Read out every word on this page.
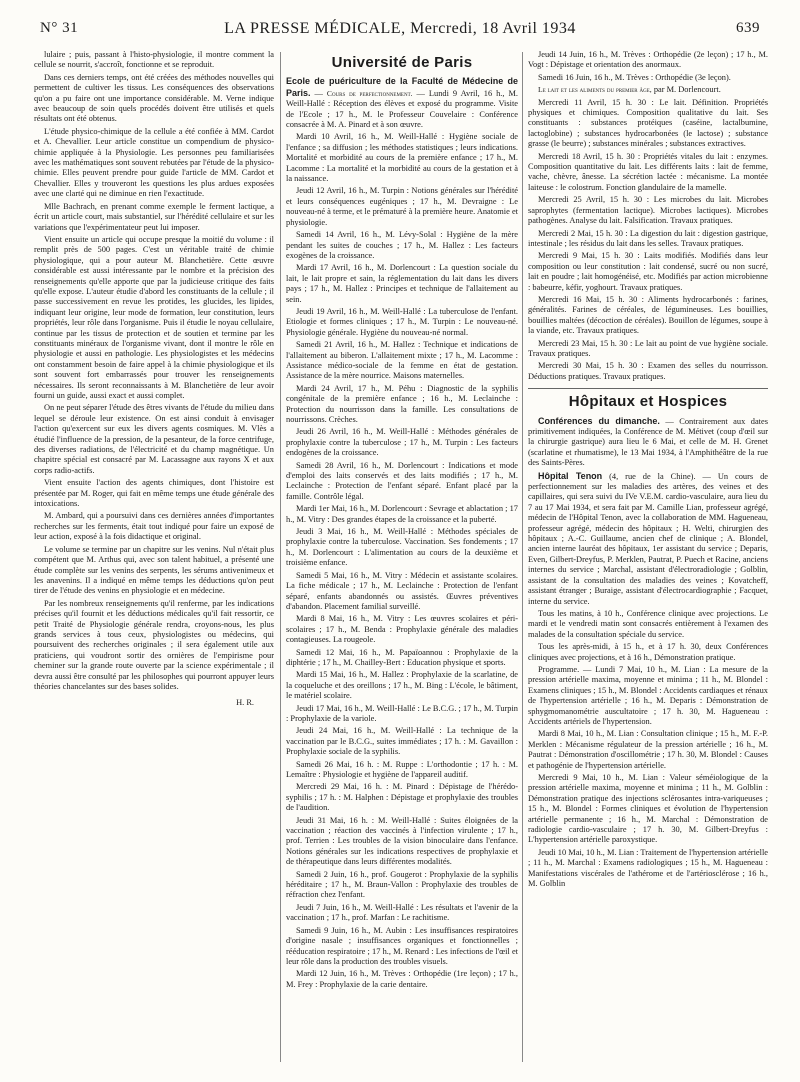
N° 31	LA PRESSE MÉDICALE, Mercredi, 18 Avril 1934	639

lulaire ; puis, passant à l'histo-physiologie, il montre comment la cellule se nourrit, s'accroît, fonctionne et se reproduit.

Dans ces derniers temps, ont été créées des méthodes nouvelles qui permettent de cultiver les tissus. Les conséquences des observations qu'on a pu faire ont une importance considérable. M. Verne indique avec beaucoup de soin quels procédés doivent être utilisés et quels résultats ont été obtenus.

L'étude physico-chimique de la cellule a été confiée à MM. Cardot et A. Chevallier. Leur article constitue un compendium de physico-chimie appliquée à la Physiologie. Les personnes peu familiarisées avec les mathématiques sont souvent rebutées par l'étude de la physico-chimie. Elles peuvent prendre pour guide l'article de MM. Cardot et Chevallier. Elles y trouveront les questions les plus ardues exposées avec une clarté qui ne diminue en rien l'exactitude.

Mlle Bachrach, en prenant comme exemple le ferment lactique, a écrit un article court, mais substantiel, sur l'hérédité cellulaire et sur les variations que l'expérimentateur peut lui imposer.

Vient ensuite un article qui occupe presque la moitié du volume : il remplit près de 500 pages. C'est un véritable traité de chimie physiologique, qui a pour auteur M. Blanchetière. Cette œuvre considérable est aussi intéressante par le nombre et la précision des renseignements qu'elle apporte que par la judicieuse critique des faits qu'elle expose. L'auteur étudie d'abord les constituants de la cellule ; il passe successivement en revue les protides, les glucides, les lipides, indiquant leur origine, leur mode de formation, leur constitution, leurs propriétés, leur rôle dans l'organisme. Puis il étudie le noyau cellulaire, continue par les tissus de protection et de soutien et termine par les constituants minéraux de l'organisme vivant, dont il montre le rôle en physiologie et aussi en pathologie. Les physiologistes et les médecins ont constamment besoin de faire appel à la chimie physiologique et ils sont souvent fort embarrassés pour trouver les renseignements nécessaires. Ils seront reconnaissants à M. Blanchetière de leur avoir fourni un guide, aussi exact et aussi complet.

On ne peut séparer l'étude des êtres vivants de l'étude du milieu dans lequel se déroule leur existence. On est ainsi conduit à envisager l'action qu'exercent sur eux les divers agents cosmiques. M. Vlès a étudié l'influence de la pression, de la pesanteur, de la force centrifuge, des diverses radiations, de l'électricité et du champ magnétique. Un chapitre spécial est consacré par M. Lacassagne aux rayons X et aux corps radio-actifs.

Vient ensuite l'action des agents chimiques, dont l'histoire est présentée par M. Roger, qui fait en même temps une étude générale des intoxications.

M. Ambard, qui a poursuivi dans ces dernières années d'importantes recherches sur les ferments, était tout indiqué pour faire un exposé de leur action, exposé à la fois didactique et original.

Le volume se termine par un chapitre sur les venins. Nul n'était plus compétent que M. Arthus qui, avec son talent habituel, a présenté une étude complète sur les venins des serpents, les sérums antivenimeux et les anavenins. Il a indiqué en même temps les déductions qu'on peut tirer de l'étude des venins en physiologie et en médecine.

Par les nombreux renseignements qu'il renferme, par les indications précises qu'il fournit et les déductions médicales qu'il fait ressortir, ce petit Traité de Physiologie générale rendra, croyons-nous, les plus grands services à tous ceux, physiologistes ou médecins, qui poursuivent des recherches originales ; il sera également utile aux praticiens, qui voudront sortir des ornières de l'empirisme pour cheminer sur la grande route ouverte par la science expérimentale ; il devra aussi être consulté par les philosophes qui pourront appuyer leurs théories chancelantes sur des bases solides.

H. R.
Université de Paris

Ecole de puériculture de la Faculté de Médecine de Paris. — Cours de perfectionnement. — Lundi 9 Avril, 16 h., M. Weill-Hallé : Réception des élèves et exposé du programme. Visite de l'Ecole ; 17 h., M. le Professeur Couvelaire : Conférence consacrée à M. A. Pinard et à son œuvre.

Mardi 10 Avril, 16 h., M. Weill-Hallé : Hygiène sociale de l'enfance ; sa diffusion ; les méthodes statistiques ; leurs indications. Mortalité et morbidité au cours de la première enfance ; 17 h., M. Lacomme : La mortalité et la morbidité au cours de la gestation et à la naissance.

Jeudi 12 Avril, 16 h., M. Turpin : Notions générales sur l'hérédité et leurs conséquences eugéniques ; 17 h., M. Devraigne : Le nouveau-né à terme, et le prématuré à la première heure. Anatomie et physiologie.

Samedi 14 Avril, 16 h., M. Lévy-Solal : Hygiène de la mère pendant les suites de couches ; 17 h., M. Hallez : Les facteurs exogènes de la croissance.

Mardi 17 Avril, 16 h., M. Dorlencourt : La question sociale du lait, le lait propre et sain, la réglementation du lait dans les divers pays ; 17 h., M. Hallez : Principes et technique de l'allaitement au sein.

Jeudi 19 Avril, 16 h., M. Weill-Hallé : La tuberculose de l'enfant. Etiologie et formes cliniques ; 17 h., M. Turpin : Le nouveau-né. Physiologie générale. Hygiène du nouveau-né normal.

Samedi 21 Avril, 16 h., M. Hallez : Technique et indications de l'allaitement au biberon. L'allaitement mixte ; 17 h., M. Lacomme : Assistance médico-sociale de la femme en état de gestation. Assistance de la mère nourrice. Maisons maternelles.

Mardi 24 Avril, 17 h., M. Péhu : Diagnostic de la syphilis congénitale de la première enfance ; 16 h., M. Leclainche : Protection du nourrisson dans la famille. Les consultations de nourrissons. Crèches.

Jeudi 26 Avril, 16 h., M. Weill-Hallé : Méthodes générales de prophylaxie contre la tuberculose ; 17 h., M. Turpin : Les facteurs endogènes de la croissance.

Samedi 28 Avril, 16 h., M. Dorlencourt : Indications et mode d'emploi des laits conservés et des laits modifiés ; 17 h., M. Leclainche : Protection de l'enfant séparé. Enfant placé par la famille. Contrôle légal.

Mardi 1er Mai, 16 h., M. Dorlencourt : Sevrage et ablactation ; 17 h., M. Vitry : Des grandes étapes de la croissance et la puberté.

Jeudi 3 Mai, 16 h., M. Weill-Hallé : Méthodes spéciales de prophylaxie contre la tuberculose. Vaccination. Ses fondements ; 17 h., M. Dorlencourt : L'alimentation au cours de la deuxième et troisième enfance.

Samedi 5 Mai, 16 h., M. Vitry : Médecin et assistante scolaires. La fiche médicale ; 17 h., M. Leclainche : Protection de l'enfant séparé, enfants abandonnés ou assistés. Œuvres préventives d'abandon. Placement familial surveillé.

Mardi 8 Mai, 16 h., M. Vitry : Les œuvres scolaires et péri-scolaires ; 17 h., M. Benda : Prophylaxie générale des maladies contagieuses. La rougeole.

Samedi 12 Mai, 16 h., M. Papaïoannou : Prophylaxie de la diphtérie ; 17 h., M. Chailley-Bert : Education physique et sports.

Mardi 15 Mai, 16 h., M. Hallez : Prophylaxie de la scarlatine, de la coqueluche et des oreillons ; 17 h., M. Bing : L'école, le bâtiment, le matériel scolaire.

Jeudi 17 Mai, 16 h., M. Weill-Hallé : Le B.C.G. ; 17 h., M. Turpin : Prophylaxie de la variole.

Jeudi 24 Mai, 16 h., M. Weill-Hallé : La technique de la vaccination par le B.C.G., suites immédiates ; 17 h. : M. Gavaillon : Prophylaxie sociale de la syphilis.

Samedi 26 Mai, 16 h. : M. Ruppe : L'orthodontie ; 17 h. : M. Lemaître : Physiologie et hygiène de l'appareil auditif.

Mercredi 29 Mai, 16 h. : M. Pinard : Dépistage de l'hérédo-syphilis ; 17 h. : M. Halphen : Dépistage et prophylaxie des troubles de l'audition.

Jeudi 31 Mai, 16 h. : M. Weill-Hallé : Suites éloignées de la vaccination ; réaction des vaccinés à l'infection virulente ; 17 h., prof. Terrien : Les troubles de la vision binoculaire dans l'enfance. Notions générales sur les indications respectives de prophylaxie et de thérapeutique dans leurs différentes modalités.

Samedi 2 Juin, 16 h., prof. Gougerot : Prophylaxie de la syphilis héréditaire ; 17 h., M. Braun-Vallon : Prophylaxie des troubles de réfraction chez l'enfant.

Jeudi 7 Juin, 16 h., M. Weill-Hallé : Les résultats et l'avenir de la vaccination ; 17 h., prof. Marfan : Le rachitisme.

Samedi 9 Juin, 16 h., M. Aubin : Les insuffisances respiratoires d'origine nasale ; insuffisances organiques et fonctionnelles ; rééducation respiratoire ; 17 h., M. Renard : Les infections de l'œil et leur rôle dans la production des troubles visuels.

Mardi 12 Juin, 16 h., M. Trèves : Orthopédie (1re leçon) ; 17 h., M. Frey : Prophylaxie de la carie dentaire.

Jeudi 14 Juin, 16 h., M. Trèves : Orthopédie (2e leçon) ; 17 h., M. Vogt : Dépistage et orientation des anormaux.

Samedi 16 Juin, 16 h., M. Trèves : Orthopédie (3e leçon).

Le lait et les aliments du premier âge, par M. Dorlencourt.

Mercredi 11 Avril, 15 h. 30 : Le lait. Définition. Propriétés physiques et chimiques. Composition qualitative du lait. Ses constituants : substances protéiques (caséine, lactalbumine, lactoglobine) ; substances hydrocarbonées (le lactose) ; substance grasse (le beurre) ; substances minérales ; substances extractives.

Mercredi 18 Avril, 15 h. 30 : Propriétés vitales du lait : enzymes. Composition quantitative du lait. Les différents laits : lait de femme, vache, chèvre, ânesse. La sécrétion lactée : mécanisme. La montée laiteuse : le colostrum. Fonction glandulaire de la mamelle.

Mercredi 25 Avril, 15 h. 30 : Les microbes du lait. Microbes saprophytes (fermentation lactique). Microbes lactiques). Microbes pathogènes. Analyse du lait. Falsification. Travaux pratiques.

Mercredi 2 Mai, 15 h. 30 : La digestion du lait : digestion gastrique, intestinale ; les résidus du lait dans les selles. Travaux pratiques.

Mercredi 9 Mai, 15 h. 30 : Laits modifiés. Modifiés dans leur composition ou leur constitution : lait condensé, sucré ou non sucré, lait en poudre ; lait homogénéisé, etc. Modifiés par action microbienne : babeurre, kéfir, yoghourt. Travaux pratiques.

Mercredi 16 Mai, 15 h. 30 : Aliments hydrocarbonés : farines, généralités. Farines de céréales, de légumineuses. Les bouillies, bouillies maltées (décoction de céréales). Bouillon de légumes, soupe à la viande, etc. Travaux pratiques.

Mercredi 23 Mai, 15 h. 30 : Le lait au point de vue hygiène sociale. Travaux pratiques.

Mercredi 30 Mai, 15 h. 30 : Examen des selles du nourrisson. Déductions pratiques. Travaux pratiques.

Hôpitaux et Hospices

Conférences du dimanche. — Contrairement aux dates primitivement indiquées, la Conférence de M. Métivet (coup d'œil sur la chirurgie gastrique) aura lieu le 6 Mai, et celle de M. H. Grenet (scarlatine et rhumatisme), le 13 Mai 1934, à l'Amphithéâtre de la rue des Saints-Pères.

Hôpital Tenon (4, rue de la Chine). — Un cours de perfectionnement sur les maladies des artères, des veines et des capillaires, qui sera suivi du IVe V.E.M. cardio-vasculaire, aura lieu du 7 au 17 Mai 1934, et sera fait par M. Camille Lian, professeur agrégé, médecin de l'Hôpital Tenon, avec la collaboration de MM. Hagueneau, professeur agrégé, médecin des hôpitaux ; H. Welti, chirurgien des hôpitaux ; A.-C. Guillaume, ancien chef de clinique ; A. Blondel, ancien interne lauréat des hôpitaux, 1er assistant du service ; Deparis, Even, Gilbert-Dreyfus, P. Merklen, Pautrat, P. Puech et Racine, anciens internes du service ; Marchal, assistant d'électroradiologie ; Golblin, assistant de la consultation des maladies des veines ; Kovatcheff, assistant étranger ; Buraige, assistant d'électrocardiographie ; Facquet, interne du service.

Tous les matins, à 10 h., Conférence clinique avec projections. Le mardi et le vendredi matin sont consacrés entièrement à l'examen des malades de la consultation spéciale du service.

Tous les après-midi, à 15 h., et à 17 h. 30, deux Conférences cliniques avec projections, et à 16 h., Démonstration pratique.

Programme. — Lundi 7 Mai, 10 h., M. Lian : La mesure de la pression artérielle maxima, moyenne et minima ; 11 h., M. Blondel : Examens cliniques ; 15 h., M. Blondel : Accidents cardiaques et rénaux de l'hypertension artérielle ; 16 h., M. Deparis : Démonstration de sphygmomanométrie auscultatoire ; 17 h. 30, M. Hagueneau : Accidents artériels de l'hypertension.

Mardi 8 Mai, 10 h., M. Lian : Consultation clinique ; 15 h., M. F.-P. Merklen : Mécanisme régulateur de la pression artérielle ; 16 h., M. Pautrat : Démonstration d'oscillométrie ; 17 h. 30, M. Blondel : Causes et pathogénie de l'hypertension artérielle.

Mercredi 9 Mai, 10 h., M. Lian : Valeur séméiologique de la pression artérielle maxima, moyenne et minima ; 11 h., M. Golblin : Démonstration pratique des injections sclérosantes intra-variqueuses ; 15 h., M. Blondel : Formes cliniques et évolution de l'hypertension artérielle permanente ; 16 h., M. Marchal : Démonstration de radiologie cardio-vasculaire ; 17 h. 30, M. Gilbert-Dreyfus : L'hypertension artérielle paroxystique.

Jeudi 10 Mai, 10 h., M. Lian : Traitement de l'hypertension artérielle ; 11 h., M. Marchal : Examens radiologiques ; 15 h., M. Hagueneau : Manifestations viscérales de l'athérome et de l'artériosclérose ; 16 h., M. Golblin
